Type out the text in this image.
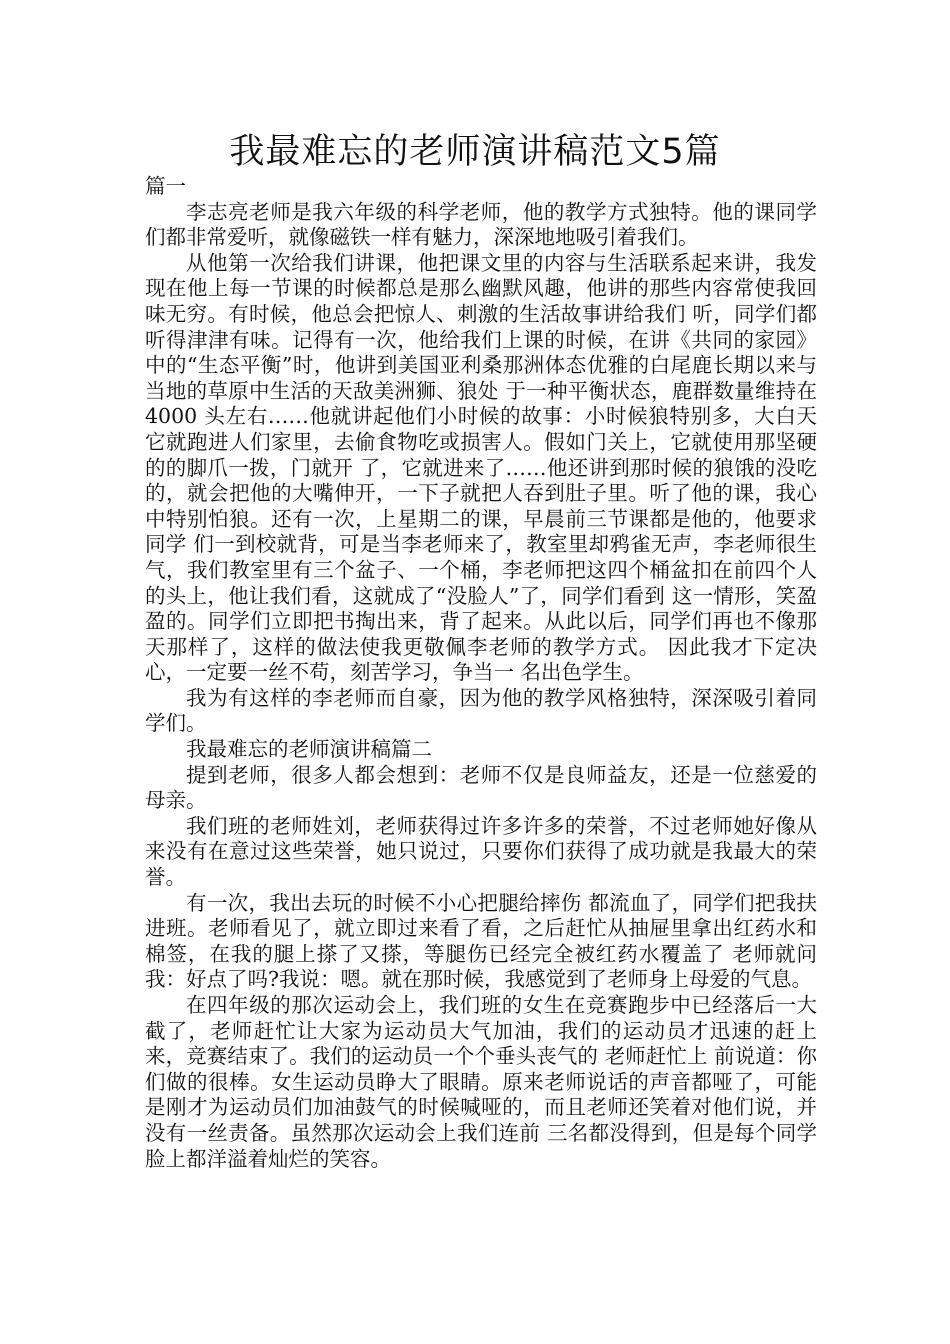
我最难忘的老师演讲稿范文5篇

篇一

李志亮老师是我六年级的科学老师，他的教学方式独特。他的课同学们都非常爱听，就像磁铁一样有魅力，深深地地吸引着我们。

从他第一次给我们讲课，他把课文里的内容与生活联系起来讲，我发现在他上每一节课的时候都总是那么幽默风趣，他讲的那些内容常使我回味无穷。有时候，他总会把惊人、刺激的生活故事讲给我们 听，同学们都听得津津有味。记得有一次，他给我们上课的时候，在讲《共同的家园》中的“生态平衡”时，他讲到美国亚利桑那洲体态优雅的白尾鹿长期以来与当地的草原中生活的天敌美洲狮、狼处 于一种平衡状态，鹿群数量维持在 4000 头左右……他就讲起他们小时候的故事：小时候狼特别多，大白天它就跑进人们家里，去偷食物吃或损害人。假如门关上，它就使用那坚硬的的脚爪一拨，门就开 了，它就进来了……他还讲到那时候的狼饿的没吃的，就会把他的大嘴伸开，一下子就把人吞到肚子里。听了他的课，我心中特别怕狼。还有一次，上星期二的课，早晨前三节课都是他的，他要求同学 们一到校就背，可是当李老师来了，教室里却鸦雀无声，李老师很生气，我们教室里有三个盆子、一个桶，李老师把这四个桶盆扣在前四个人的头上，他让我们看，这就成了“没脸人”了，同学们看到 这一情形，笑盈盈的。同学们立即把书掏出来，背了起来。从此以后，同学们再也不像那天那样了，这样的做法使我更敬佩李老师的教学方式。 因此我才下定决心，一定要一丝不苟，刻苦学习，争当一 名出色学生。

我为有这样的李老师而自豪，因为他的教学风格独特，深深吸引着同学们。

我最难忘的老师演讲稿篇二

提到老师，很多人都会想到：老师不仅是良师益友，还是一位慈爱的母亲。

我们班的老师姓刘，老师获得过许多许多的荣誉，不过老师她好像从来没有在意过这些荣誉，她只说过，只要你们获得了成功就是我最大的荣誉。

有一次，我出去玩的时候不小心把腿给摔伤 都流血了，同学们把我扶进班。老师看见了，就立即过来看了看，之后赶忙从抽屉里拿出红药水和棉签，在我的腿上搽了又搽，等腿伤已经完全被红药水覆盖了 老师就问我：好点了吗?我说：嗯。就在那时候，我感觉到了老师身上母爱的气息。

在四年级的那次运动会上，我们班的女生在竞赛跑步中已经落后一大截了，老师赶忙让大家为运动员大气加油，我们的运动员才迅速的赶上来，竞赛结束了。我们的运动员一个个垂头丧气的 老师赶忙上 前说道：你们做的很棒。女生运动员睁大了眼睛。原来老师说话的声音都哑了，可能是刚才为运动员们加油鼓气的时候喊哑的，而且老师还笑着对他们说，并没有一丝责备。虽然那次运动会上我们连前 三名都没得到，但是每个同学脸上都洋溢着灿烂的笑容。
